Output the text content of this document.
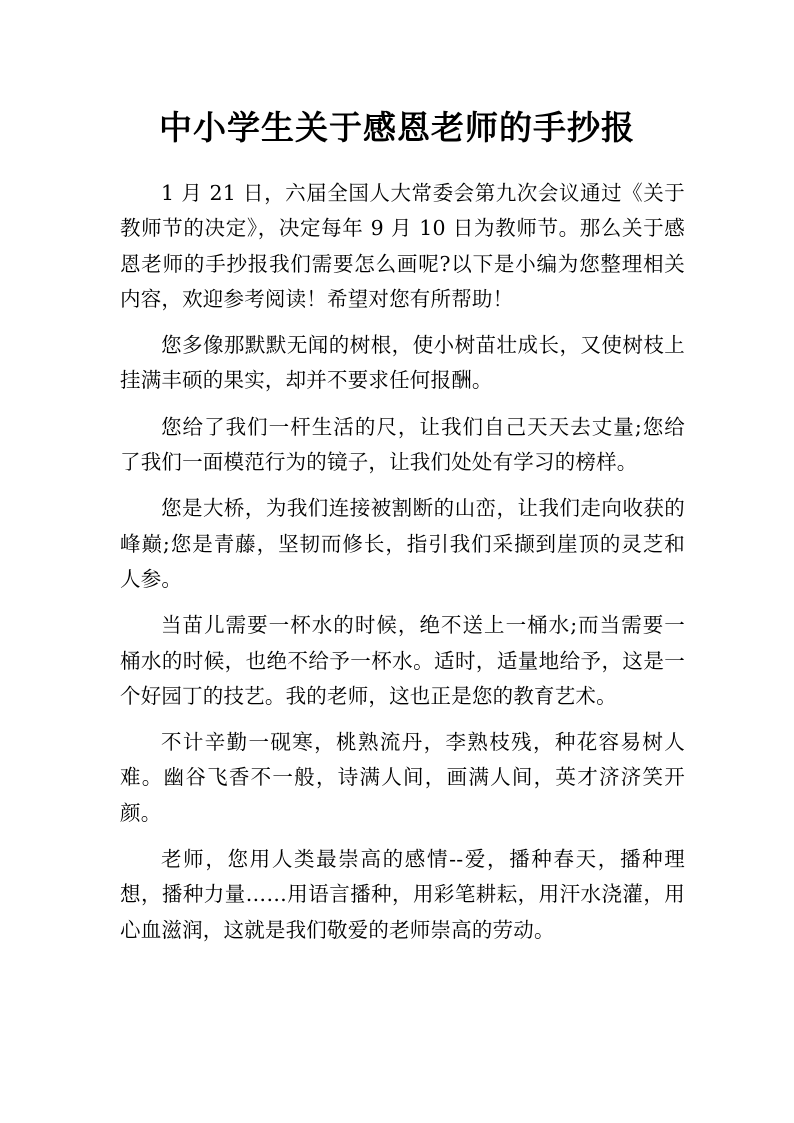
中小学生关于感恩老师的手抄报

1 月 21 日，六届全国人大常委会第九次会议通过《关于教师节的决定》，决定每年 9 月 10 日为教师节。那么关于感恩老师的手抄报我们需要怎么画呢?以下是小编为您整理相关内容，欢迎参考阅读！希望对您有所帮助！

您多像那默默无闻的树根，使小树苗壮成长，又使树枝上挂满丰硕的果实，却并不要求任何报酬。

您给了我们一杆生活的尺，让我们自己天天去丈量;您给了我们一面模范行为的镜子，让我们处处有学习的榜样。

您是大桥，为我们连接被割断的山峦，让我们走向收获的峰巅;您是青藤，坚韧而修长，指引我们采撷到崖顶的灵芝和人参。

当苗儿需要一杯水的时候，绝不送上一桶水;而当需要一桶水的时候，也绝不给予一杯水。适时，适量地给予，这是一个好园丁的技艺。我的老师，这也正是您的教育艺术。

不计辛勤一砚寒，桃熟流丹，李熟枝残，种花容易树人难。幽谷飞香不一般，诗满人间，画满人间，英才济济笑开颜。

老师，您用人类最崇高的感情--爱，播种春天，播种理想，播种力量……用语言播种，用彩笔耕耘，用汗水浇灌，用心血滋润，这就是我们敬爱的老师崇高的劳动。
